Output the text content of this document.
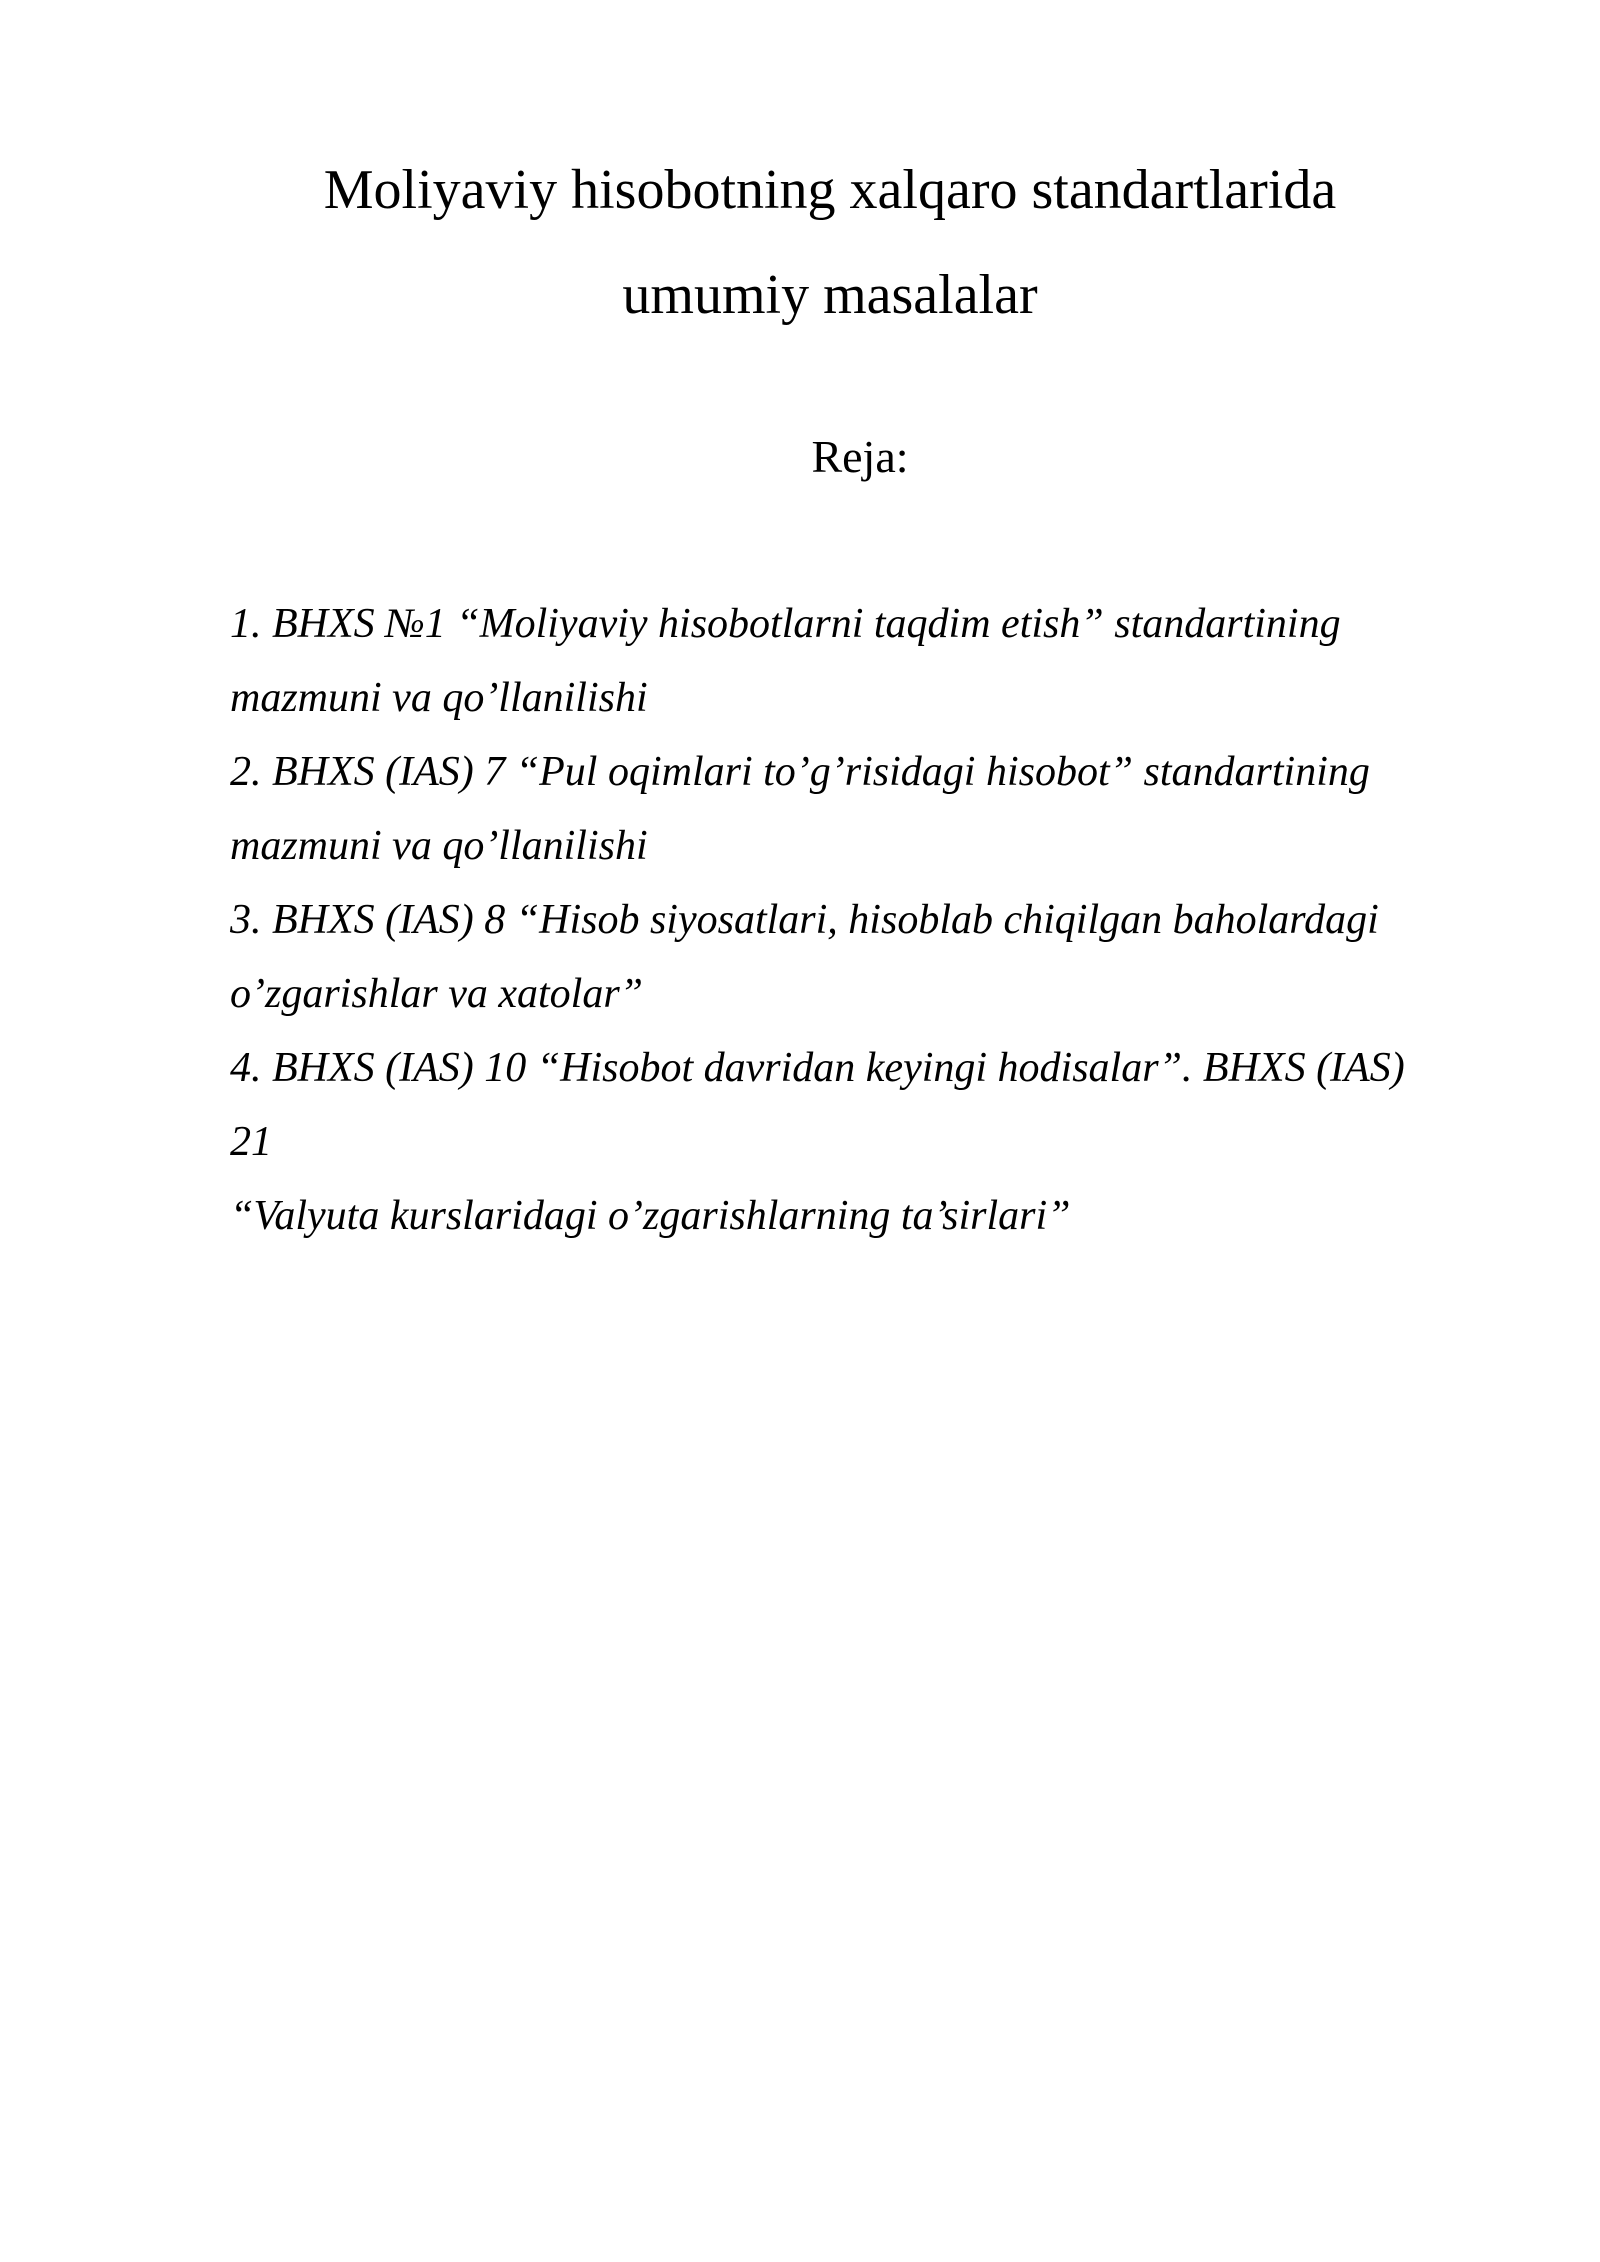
Moliyaviy hisobotning xalqaro standartlarida
umumiy masalalar
Reja:
1. BHXS №1 “Moliyaviy hisobotlarni taqdim etish” standartining
mazmuni va qo’llanilishi
2. BHXS (IAS) 7 “Pul oqimlari to’g’risidagi hisobot” standartining
mazmuni va qo’llanilishi
3. BHXS (IAS) 8 “Hisob siyosatlari, hisoblab chiqilgan baholardagi
o’zgarishlar va xatolar”
4. BHXS (IAS) 10 “Hisobot davridan keyingi hodisalar”. BHXS (IAS)
21
“Valyuta kurslaridagi o’zgarishlarning ta’sirlari”
